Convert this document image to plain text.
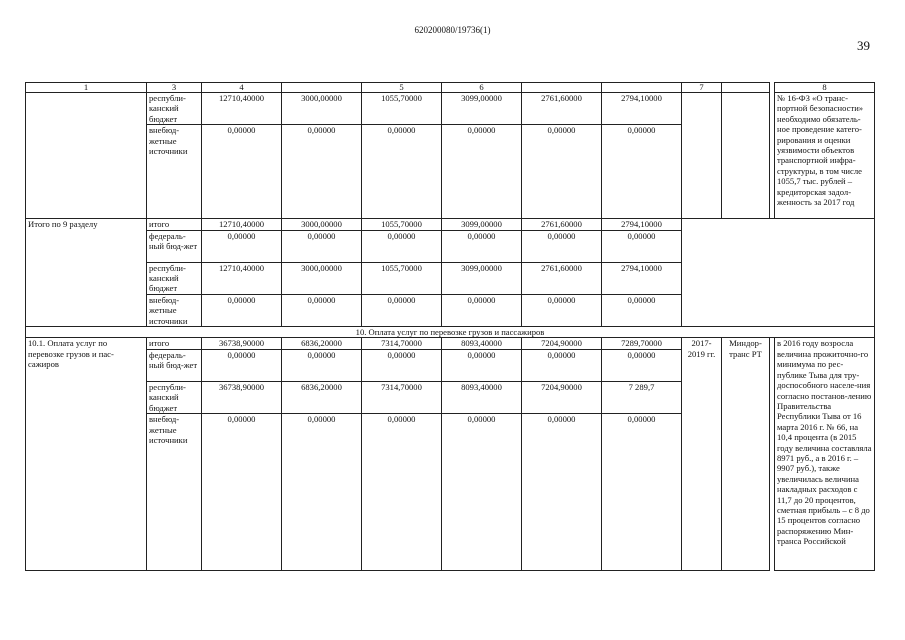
620200080/19736(1)
39
1	3	4		5	6			7			8
	республи-канский бюджет	12710,40000	3000,00000	1055,70000	3099,00000	2761,60000	2794,10000				№ 16-ФЗ «О транс-портной безопасности» необходимо обязатель-ное проведение катего-рирования и оценки уязвимости объектов транспортной инфра-структуры, в том числе 1055,7 тыс. рублей – кредиторская задол-женность за 2017 год
	внебюд-жетные источники	0,00000	0,00000	0,00000	0,00000	0,00000	0,00000				
Итого по 9 разделу	итого	12710,40000	3000,00000	1055,70000	3099,00000	2761,60000	2794,10000				
	федераль-ный бюд-жет	0,00000	0,00000	0,00000	0,00000	0,00000	0,00000				
	республи-канский бюджет	12710,40000	3000,00000	1055,70000	3099,00000	2761,60000	2794,10000				
	внебюд-жетные источники	0,00000	0,00000	0,00000	0,00000	0,00000	0,00000				
10. Оплата услуг по перевозке грузов и пассажиров											
10.1. Оплата услуг по перевозке грузов и пас-сажиров	итого	36738,90000	6836,20000	7314,70000	8093,40000	7204,90000	7289,70000	2017-2019 гг.	Миндор-транс РТ		в 2016 году возросла величина прожиточно-го минимума по рес-публике Тыва для тру-доспособного населе-ния согласно постанов-лению Правительства Республики Тыва от 16 марта 2016 г. № 66, на 10,4 процента (в 2015 году величина составляла 8971 руб., а в 2016 г. – 9907 руб.), также увеличилась величина накладных расходов с 11,7 до 20 процентов, сметная прибыль – с 8 до 15 процентов согласно распоряжению Мин-транса Российской
	федераль-ный бюд-жет	0,00000	0,00000	0,00000	0,00000	0,00000	0,00000				
	республи-канский бюджет	36738,90000	6836,20000	7314,70000	8093,40000	7204,90000	7 289,7				
	внебюд-жетные источники	0,00000	0,00000	0,00000	0,00000	0,00000	0,00000				
